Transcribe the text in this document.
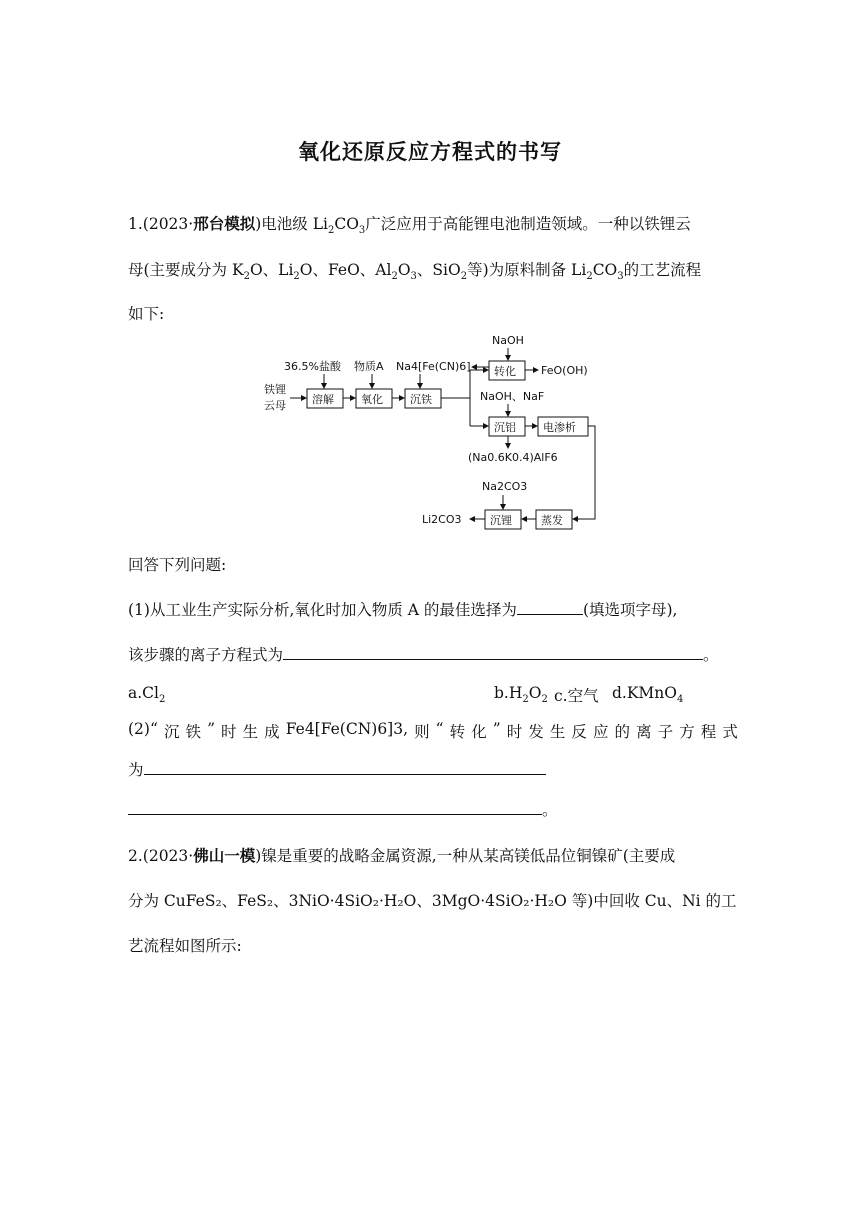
氧化还原反应方程式的书写
1.(2023·邢台模拟)电池级 $Li_2CO_3$广泛应用于高能锂电池制造领域。一种以铁锂云
母(主要成分为 $K_2O$、$Li_2O$、FeO、$Al_2O_3$、SiO$_2$等)为原料制备 $Li_2CO_3$的工艺流程
如下:
铁锂
云母
36.5%盐酸 物质A Na4[Fe(CN)6]
溶解 氧化 沉铁
NaOH
转化 FeO(OH)
NaOH、NaF
沉铝
(Na0.6K0.4)AlF6
电渗析
蒸发
Na2CO3
沉锂
Li2CO3
回答下列问题:
(1)从工业生产实际分析,氧化时加入物质 A 的最佳选择为	(填选项字母),
该步骤的离子方程式为	。
$a.Cl_2$	$b.H_2O_2$ c.空气 d.KMnO$_4$
(2)“ 沉 铁 ” 时 生 成 Fe4[Fe(CN)6]3, 则 “ 转 化 ” 时 发 生 反 应 的 离 子 方 程 式
为
。
2.(2023·佛山一模)镍是重要的战略金属资源,一种从某高镁低品位铜镍矿(主要成
分为 CuFeS₂、FeS₂、3NiO·4SiO₂·H₂O、3MgO·4SiO₂·H₂O 等)中回收 Cu、Ni 的工
艺流程如图所示:
